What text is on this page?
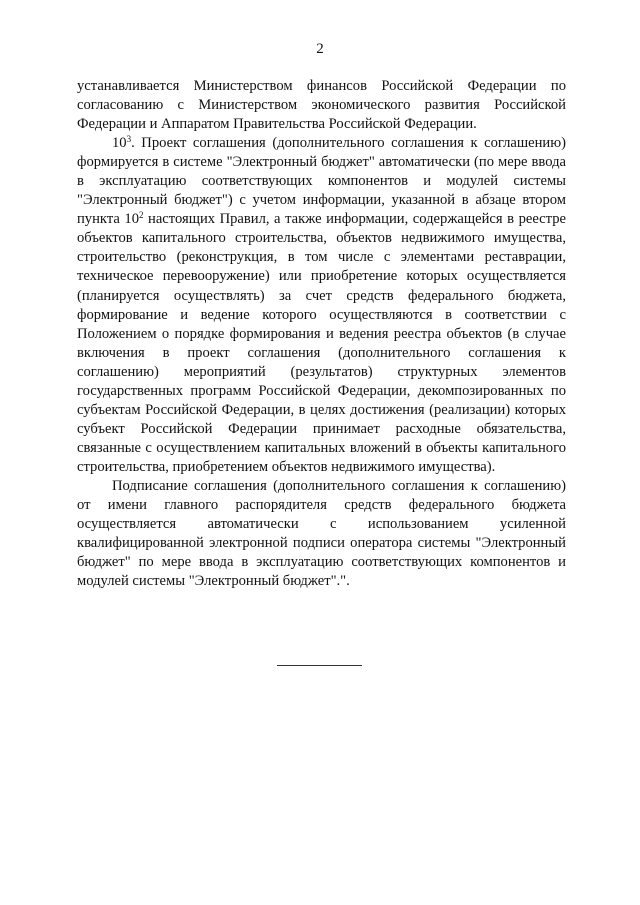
2

устанавливается Министерством финансов Российской Федерации по согласованию с Министерством экономического развития Российской Федерации и Аппаратом Правительства Российской Федерации.

$10^3$. Проект соглашения (дополнительного соглашения к соглашению) формируется в системе "Электронный бюджет" автоматически (по мере ввода в эксплуатацию соответствующих компонентов и модулей системы "Электронный бюджет") с учетом информации, указанной в абзаце втором пункта $10^2$ настоящих Правил, а также информации, содержащейся в реестре объектов капитального строительства, объектов недвижимого имущества, строительство (реконструкция, в том числе с элементами реставрации, техническое перевооружение) или приобретение которых осуществляется (планируется осуществлять) за счет средств федерального бюджета, формирование и ведение которого осуществляются в соответствии с Положением о порядке формирования и ведения реестра объектов (в случае включения в проект соглашения (дополнительного соглашения к соглашению) мероприятий (результатов) структурных элементов государственных программ Российской Федерации, декомпозированных по субъектам Российской Федерации, в целях достижения (реализации) которых субъект Российской Федерации принимает расходные обязательства, связанные с осуществлением капитальных вложений в объекты капитального строительства, приобретением объектов недвижимого имущества).

Подписание соглашения (дополнительного соглашения к соглашению) от имени главного распорядителя средств федерального бюджета осуществляется автоматически с использованием усиленной квалифицированной электронной подписи оператора системы "Электронный бюджет" по мере ввода в эксплуатацию соответствующих компонентов и модулей системы "Электронный бюджет".".
